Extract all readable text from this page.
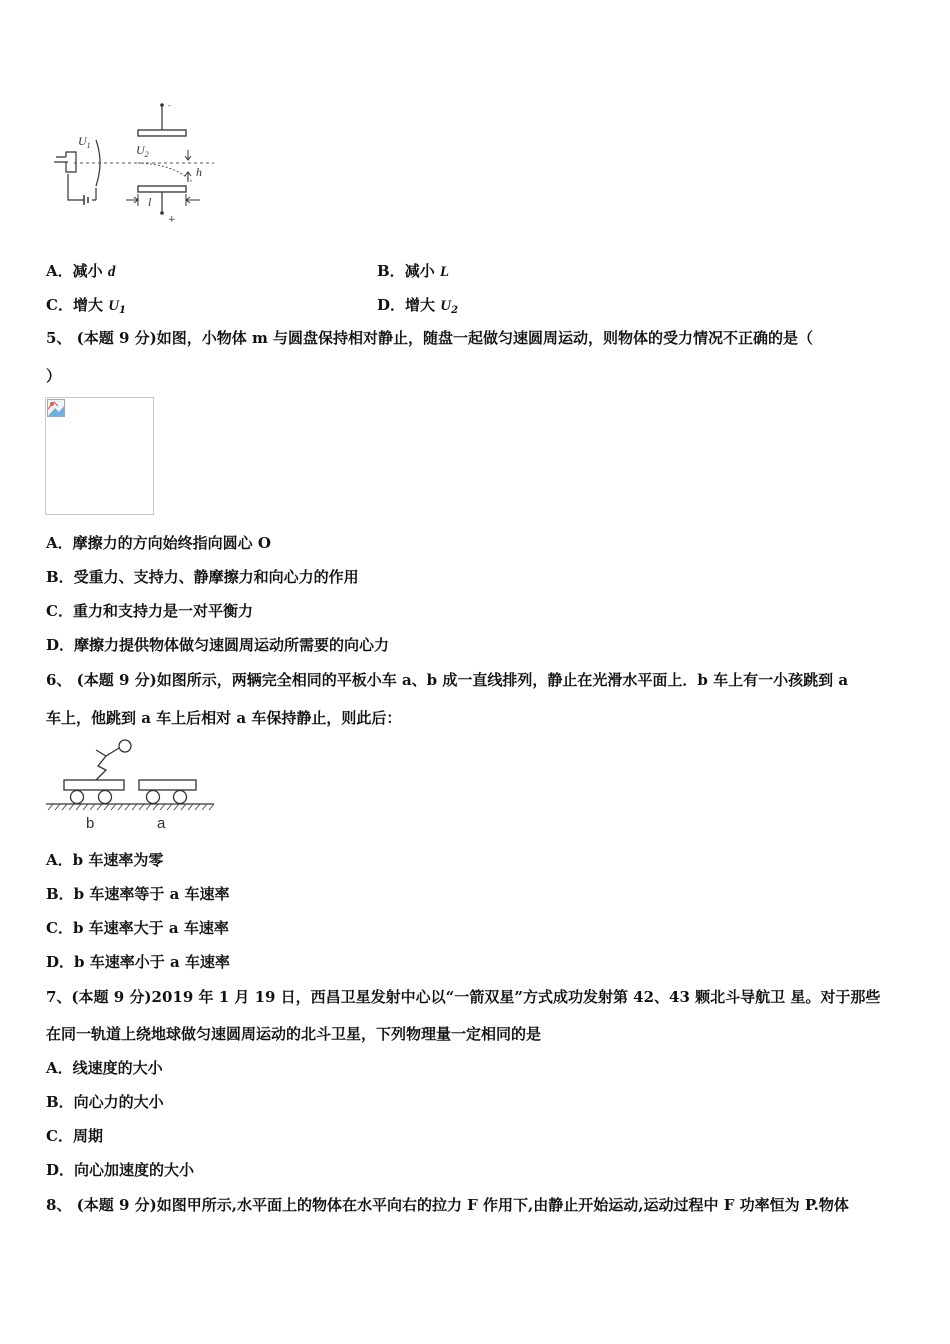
$U_1$
-
$U_2$
+
h
l
A．减小 d	B．减小 L
C．增大 $U_1$	D．增大 $U_2$
5、 (本题 9 分)如图，小物体 m 与圆盘保持相对静止，随盘一起做匀速圆周运动，则物体的受力情况不正确的是（
）
A．摩擦力的方向始终指向圆心 O
B．受重力、支持力、静摩擦力和向心力的作用
C．重力和支持力是一对平衡力
D．摩擦力提供物体做匀速圆周运动所需要的向心力
6、 (本题 9 分)如图所示，两辆完全相同的平板小车 a、b 成一直线排列，静止在光滑水平面上．b 车上有一小孩跳到 a
车上，他跳到 a 车上后相对 a 车保持静止，则此后：
b	a
A．b 车速率为零
B．b 车速率等于 a 车速率
C．b 车速率大于 a 车速率
D．b 车速率小于 a 车速率
7、(本题 9 分)2019 年 1 月 19 日，西昌卫星发射中心以“一箭双星”方式成功发射第 42、43 颗北斗导航卫 星。对于那些
在同一轨道上绕地球做匀速圆周运动的北斗卫星，下列物理量一定相同的是
A．线速度的大小
B．向心力的大小
C．周期
D．向心加速度的大小
8、 (本题 9 分)如图甲所示,水平面上的物体在水平向右的拉力 F 作用下,由静止开始运动,运动过程中 F 功率恒为 P.物体
